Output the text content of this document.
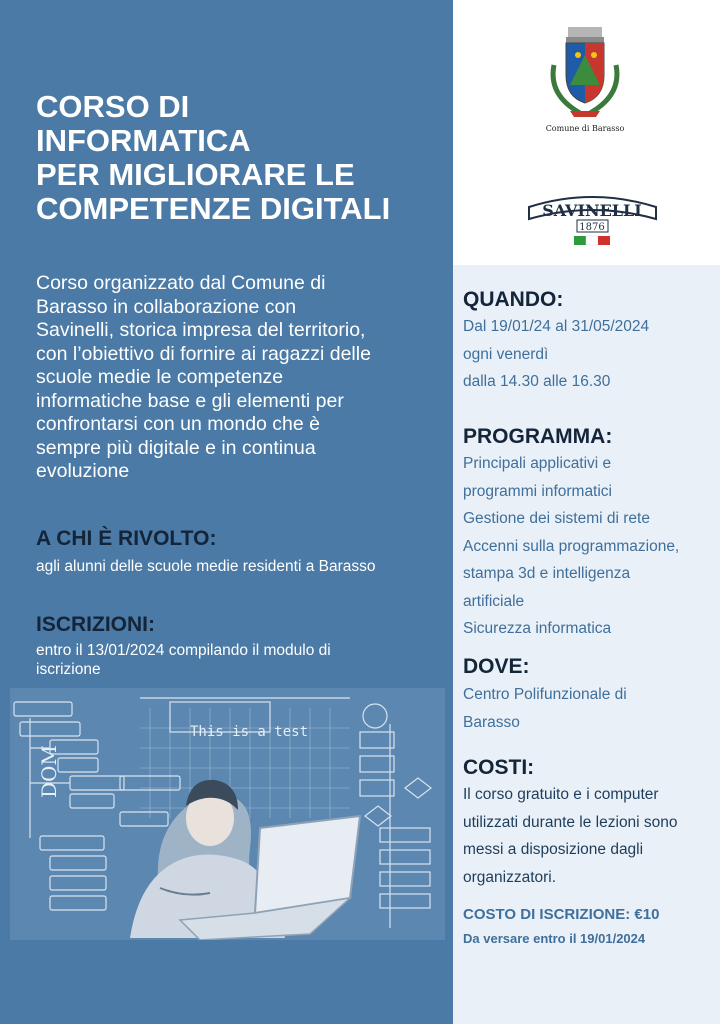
CORSO DI
INFORMATICA
PER MIGLIORARE LE
COMPETENZE DIGITALI
Corso organizzato dal Comune di
Barasso in collaborazione con
Savinelli, storica impresa del territorio,
con l’obiettivo di fornire ai ragazzi delle
scuole medie le competenze
informatiche base e gli elementi per
confrontarsi con un mondo che è
sempre più digitale e in continua
evoluzione
A CHI È RIVOLTO:
agli alunni delle scuole medie residenti a Barasso
ISCRIZIONI:
entro il 13/01/2024 compilando il modulo di
iscrizione
DOM
This is a test
Comune di Barasso
SAVINELLI
1876
QUANDO:
Dal 19/01/24 al 31/05/2024
ogni venerdì
dalla 14.30 alle 16.30
PROGRAMMA:
Principali applicativi e
programmi informatici
Gestione dei sistemi di rete
Accenni sulla programmazione,
stampa 3d e intelligenza
artificiale
Sicurezza informatica
DOVE:
Centro Polifunzionale di
Barasso
COSTI:
Il corso gratuito e i computer
utilizzati durante le lezioni sono
messi a disposizione dagli
organizzatori.
COSTO DI ISCRIZIONE: €10
Da versare entro il 19/01/2024
